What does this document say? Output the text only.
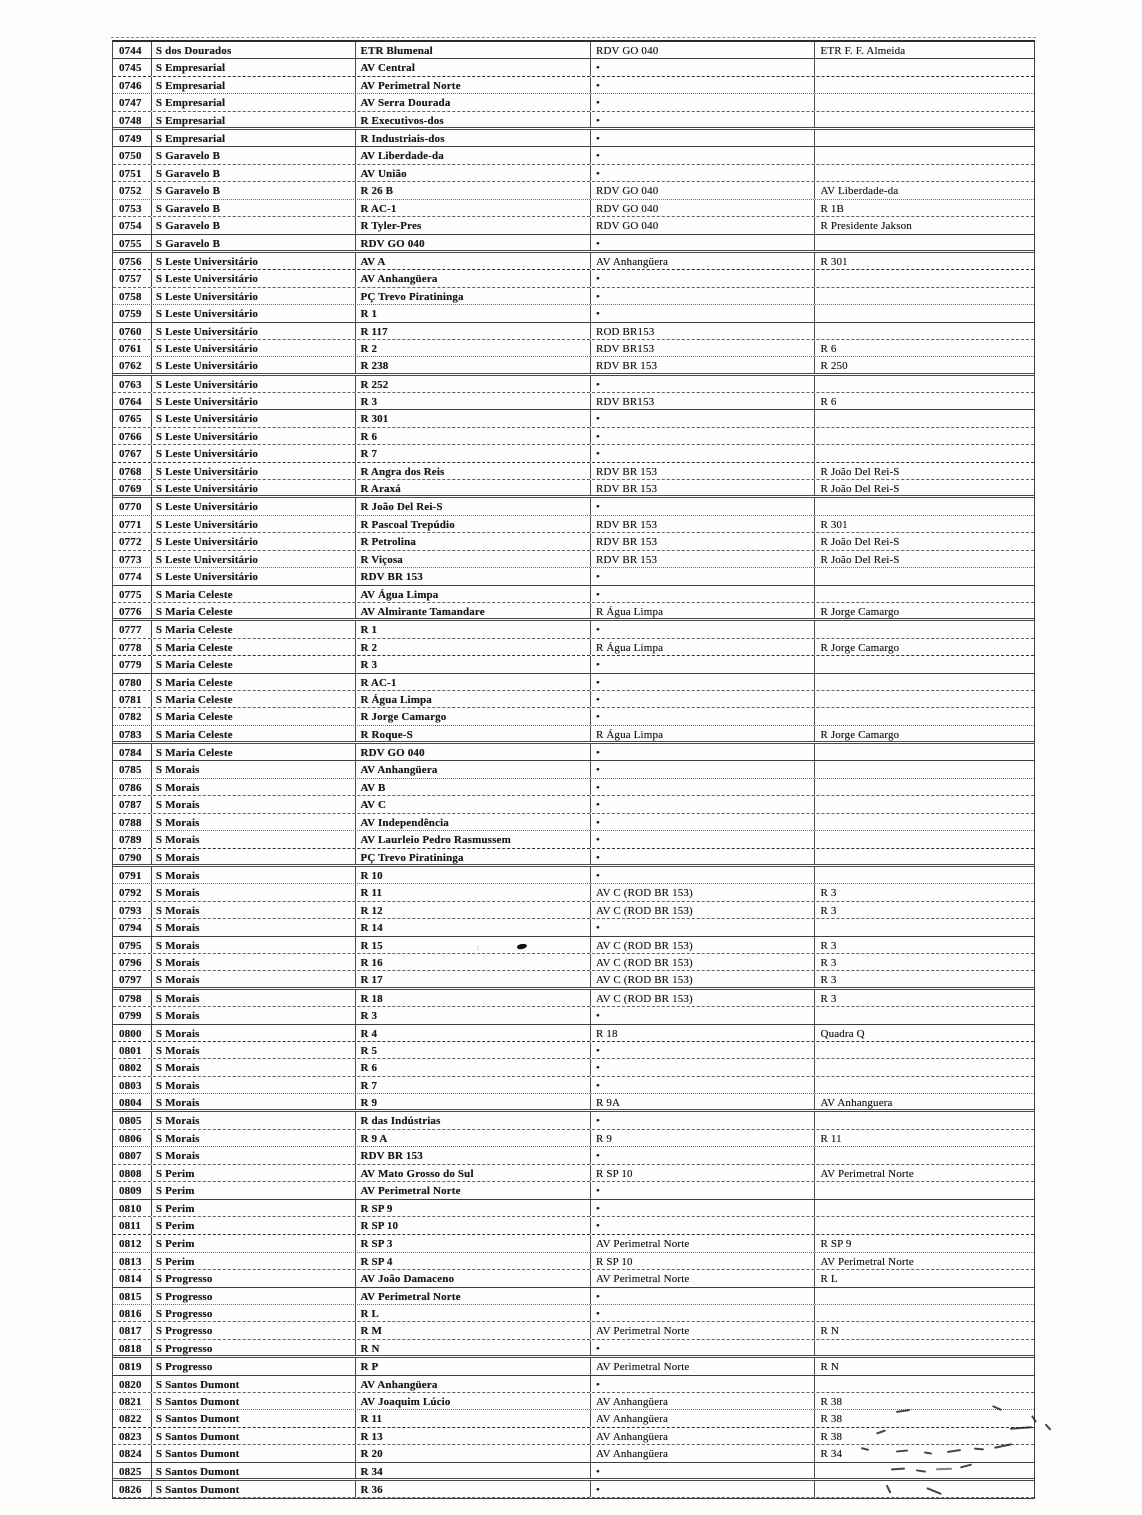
0744	S dos Dourados	ETR Blumenal	RDV GO 040	ETR F. F. Almeida
0745	S Empresarial	AV Central	•
0746	S Empresarial	AV Perimetral Norte	•
0747	S Empresarial	AV Serra Dourada	•
0748	S Empresarial	R Executivos-dos	•
0749	S Empresarial	R Industriais-dos	•
0750	S Garavelo B	AV Liberdade-da	•
0751	S Garavelo B	AV União	•
0752	S Garavelo B	R 26 B	RDV GO 040	AV Liberdade-da
0753	S Garavelo B	R AC-1	RDV GO 040	R 1B
0754	S Garavelo B	R Tyler-Pres	RDV GO 040	R Presidente Jakson
0755	S Garavelo B	RDV GO 040	•
0756	S Leste Universitário	AV A	AV Anhangüera	R 301
0757	S Leste Universitário	AV Anhangüera	•
0758	S Leste Universitário	PÇ Trevo Piratininga	•
0759	S Leste Universitário	R 1	•
0760	S Leste Universitário	R 117	ROD BR153
0761	S Leste Universitário	R 2	RDV BR153	R 6
0762	S Leste Universitário	R 238	RDV BR 153	R 250
0763	S Leste Universitário	R 252	•
0764	S Leste Universitário	R 3	RDV BR153	R 6
0765	S Leste Universitário	R 301	•
0766	S Leste Universitário	R 6	•
0767	S Leste Universitário	R 7	•
0768	S Leste Universitário	R Angra dos Reis	RDV BR 153	R João Del Rei-S
0769	S Leste Universitário	R Araxá	RDV BR 153	R João Del Rei-S
0770	S Leste Universitário	R João Del Rei-S	•
0771	S Leste Universitário	R Pascoal Trepúdio	RDV BR 153	R 301
0772	S Leste Universitário	R Petrolina	RDV BR 153	R João Del Rei-S
0773	S Leste Universitário	R Viçosa	RDV BR 153	R João Del Rei-S
0774	S Leste Universitário	RDV BR 153	•
0775	S Maria Celeste	AV Água Limpa	•
0776	S Maria Celeste	AV Almirante Tamandare	R Água Limpa	R Jorge Camargo
0777	S Maria Celeste	R 1	•
0778	S Maria Celeste	R 2	R Água Limpa	R Jorge Camargo
0779	S Maria Celeste	R 3	•
0780	S Maria Celeste	R AC-1	•
0781	S Maria Celeste	R Água Limpa	•
0782	S Maria Celeste	R Jorge Camargo	•
0783	S Maria Celeste	R Roque-S	R Água Limpa	R Jorge Camargo
0784	S Maria Celeste	RDV GO 040	•
0785	S Morais	AV Anhangüera	•
0786	S Morais	AV B	•
0787	S Morais	AV C	•
0788	S Morais	AV Independência	•
0789	S Morais	AV Laurleio Pedro Rasmussem	•
0790	S Morais	PÇ Trevo Piratininga	•
0791	S Morais	R 10	•
0792	S Morais	R 11	AV C (ROD BR 153)	R 3
0793	S Morais	R 12	AV C (ROD BR 153)	R 3
0794	S Morais	R 14	•
0795	S Morais	R 15	AV C (ROD BR 153)	R 3
0796	S Morais	R 16	AV C (ROD BR 153)	R 3
0797	S Morais	R 17	AV C (ROD BR 153)	R 3
0798	S Morais	R 18	AV C (ROD BR 153)	R 3
0799	S Morais	R 3	•
0800	S Morais	R 4	R 18	Quadra Q
0801	S Morais	R 5	•
0802	S Morais	R 6	•
0803	S Morais	R 7	•
0804	S Morais	R 9	R 9A	AV Anhanguera
0805	S Morais	R das Indústrias	•
0806	S Morais	R 9 A	R 9	R 11
0807	S Morais	RDV BR 153	•
0808	S Perim	AV Mato Grosso do Sul	R SP 10	AV Perimetral Norte
0809	S Perim	AV Perimetral Norte	•
0810	S Perim	R SP 9	•
0811	S Perim	R SP 10	•
0812	S Perim	R SP 3	AV Perimetral Norte	R SP 9
0813	S Perim	R SP 4	R SP 10	AV Perimetral Norte
0814	S Progresso	AV João Damaceno	AV Perimetral Norte	R L
0815	S Progresso	AV Perimetral Norte	•
0816	S Progresso	R L	•
0817	S Progresso	R M	AV Perimetral Norte	R N
0818	S Progresso	R N	•
0819	S Progresso	R P	AV Perimetral Norte	R N
0820	S Santos Dumont	AV Anhangüera	•
0821	S Santos Dumont	AV Joaquim Lúcio	AV Anhangüera	R 38
0822	S Santos Dumont	R 11	AV Anhangüera	R 38
0823	S Santos Dumont	R 13	AV Anhangüera	R 38
0824	S Santos Dumont	R 20	AV Anhangüera	R 34
0825	S Santos Dumont	R 34	•
0826	S Santos Dumont	R 36	•
:
